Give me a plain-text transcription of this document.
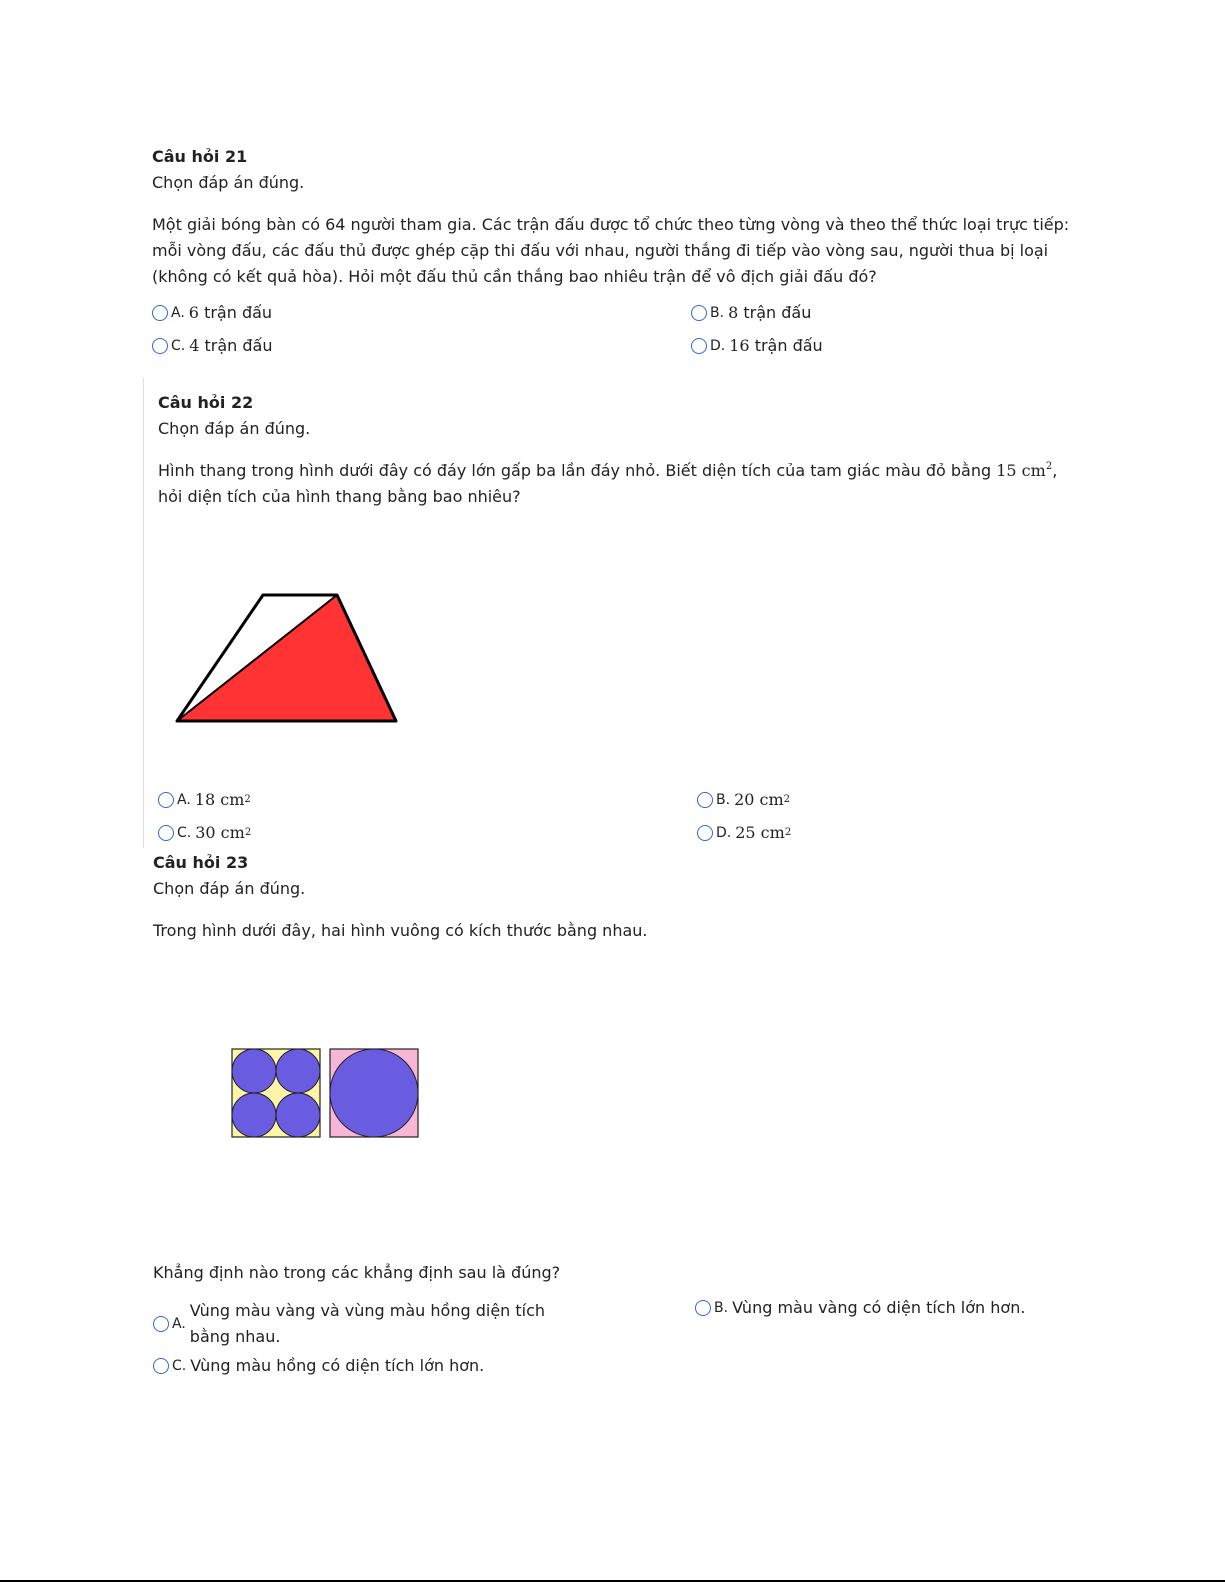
Câu hỏi 21

Chọn đáp án đúng.

Một giải bóng bàn có 64 người tham gia. Các trận đấu được tổ chức theo từng vòng và theo thể thức loại trực tiếp: mỗi vòng đấu, các đấu thủ được ghép cặp thi đấu với nhau, người thắng đi tiếp vào vòng sau, người thua bị loại (không có kết quả hòa). Hỏi một đấu thủ cần thắng bao nhiêu trận để vô địch giải đấu đó?

A. 6
trận đấu	B. 8
trận đấu
C. 4
trận đấu	D. 16
trận đấu

Câu hỏi 22

Chọn đáp án đúng.

Hình thang trong hình dưới đây có đáy lớn gấp ba lần đáy nhỏ. Biết diện tích của tam giác màu đỏ bằng 15 $cm^2$, hỏi diện tích của hình thang bằng bao nhiêu?

A. 18 cm 2	B. 20 cm 2
C. 30 cm 2	D. 25 cm 2

Câu hỏi 23

Chọn đáp án đúng.

Trong hình dưới đây, hai hình vuông có kích thước bằng nhau.

Khẳng định nào trong các khẳng định sau là đúng?

A.
Vùng màu vàng và vùng màu hồng diện tích bằng nhau.
B. Vùng màu vàng có diện tích lớn hơn.
C. Vùng màu hồng có diện tích lớn hơn.
